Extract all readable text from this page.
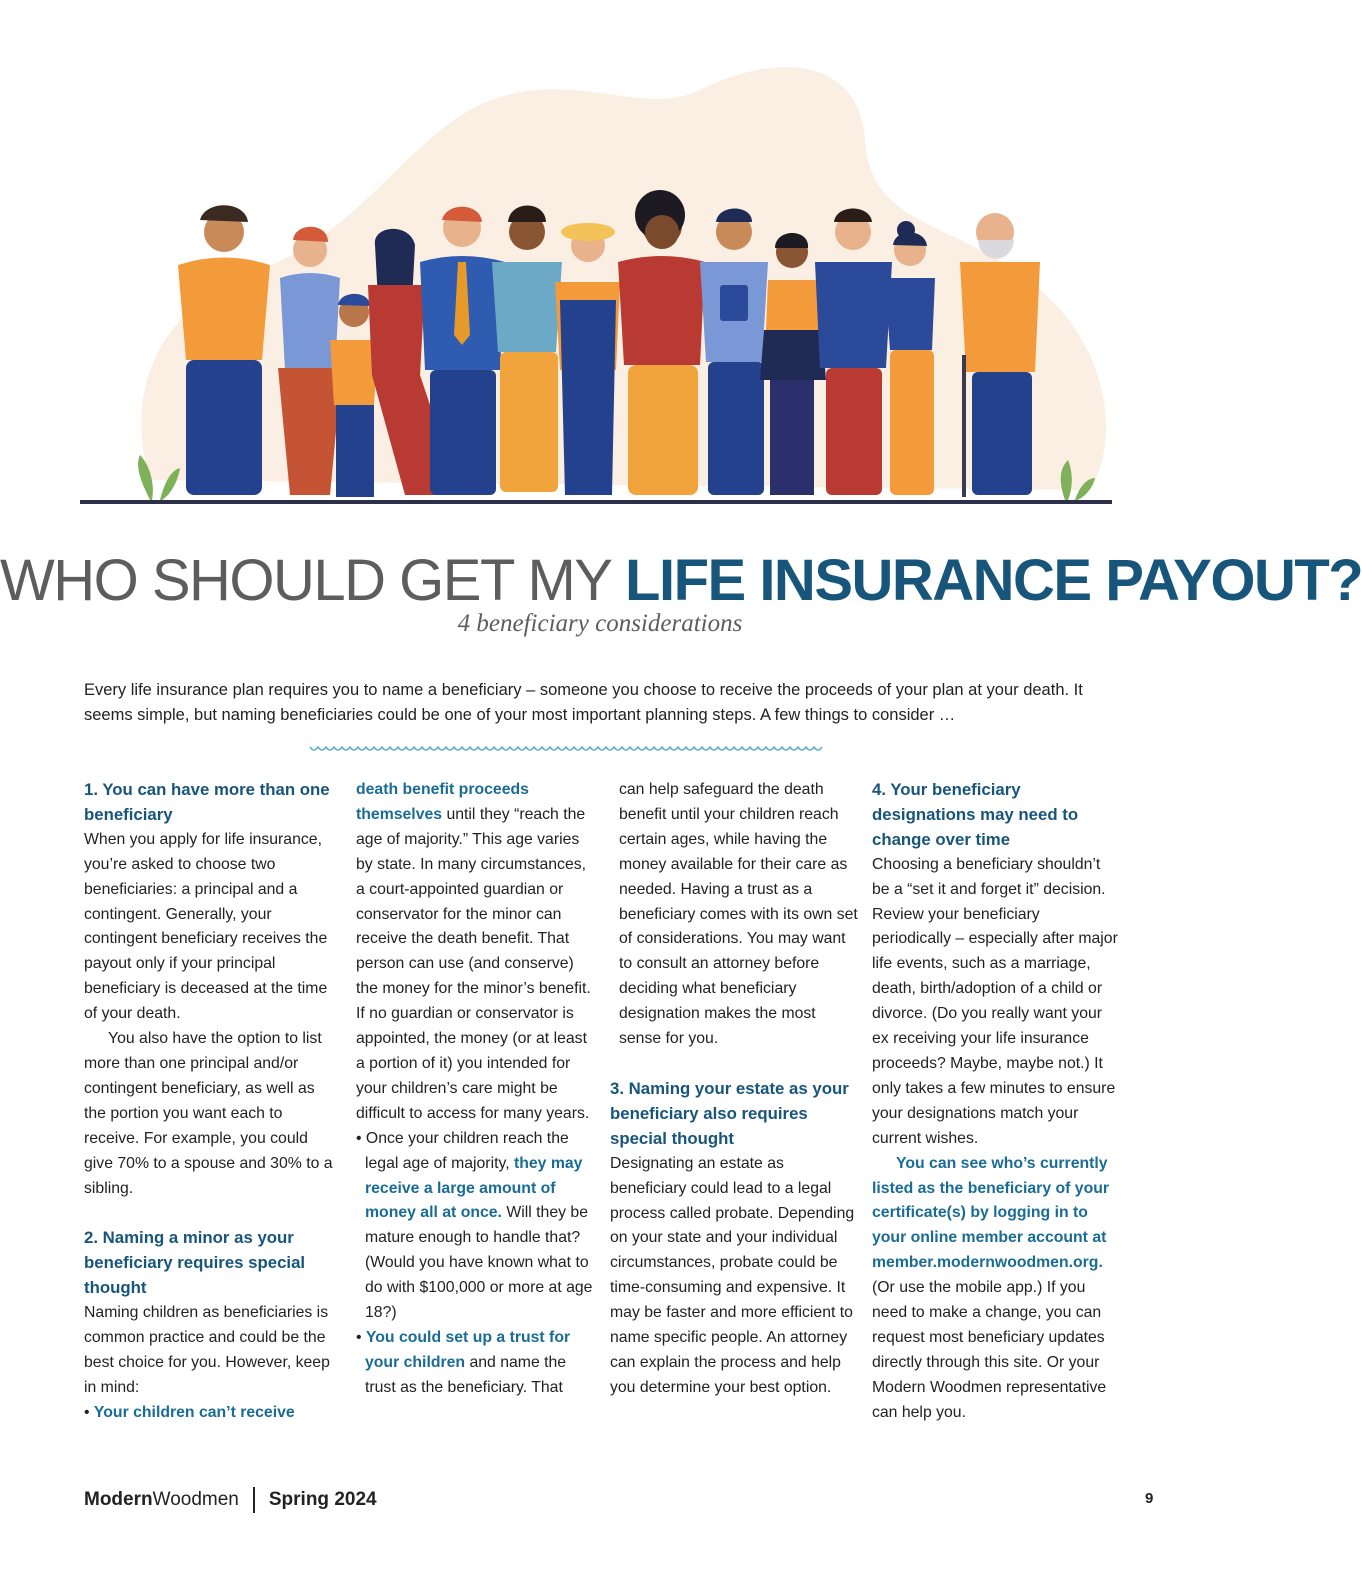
WHO SHOULD GET MY LIFE INSURANCE PAYOUT?
4 beneficiary considerations
Every life insurance plan requires you to name a beneficiary – someone you choose to receive the proceeds of your plan at your death. It seems simple, but naming beneficiaries could be one of your most important planning steps. A few things to consider …

1. You can have more than one beneficiary

When you apply for life insurance, you’re asked to choose two beneficiaries: a principal and a contingent. Generally, your contingent beneficiary receives the payout only if your principal beneficiary is deceased at the time of your death.

You also have the option to list more than one principal and/or contingent beneficiary, as well as the portion you want each to receive. For example, you could give 70% to a spouse and 30% to a sibling.

2. Naming a minor as your beneficiary requires special thought

Naming children as beneficiaries is common practice and could be the best choice for you. However, keep in mind:

• Your children can’t receive

death benefit proceeds themselves until they “reach the age of majority.” This age varies by state. In many circumstances, a court-appointed guardian or conservator for the minor can receive the death benefit. That person can use (and conserve) the money for the minor’s benefit. If no guardian or conservator is appointed, the money (or at least a portion of it) you intended for your children’s care might be difficult to access for many years.

• Once your children reach the legal age of majority, they may receive a large amount of money all at once. Will they be mature enough to handle that? (Would you have known what to do with $100,000 or more at age 18?)

• You could set up a trust for your children and name the trust as the beneficiary. That

can help safeguard the death benefit until your children reach certain ages, while having the money available for their care as needed. Having a trust as a beneficiary comes with its own set of considerations. You may want to consult an attorney before deciding what beneficiary designation makes the most sense for you.

3. Naming your estate as your beneficiary also requires special thought

Designating an estate as beneficiary could lead to a legal process called probate. Depending on your state and your individual circumstances, probate could be time-consuming and expensive. It may be faster and more efficient to name specific people. An attorney can explain the process and help you determine your best option.

4. Your beneficiary designations may need to change over time

Choosing a beneficiary shouldn’t be a “set it and forget it” decision. Review your beneficiary periodically – especially after major life events, such as a marriage, death, birth/adoption of a child or divorce. (Do you really want your ex receiving your life insurance proceeds? Maybe, maybe not.) It only takes a few minutes to ensure your designations match your current wishes.

You can see who’s currently listed as the beneficiary of your certificate(s) by logging in to your online member account at member.modernwoodmen.org. (Or use the mobile app.) If you need to make a change, you can request most beneficiary updates directly through this site. Or your Modern Woodmen representative can help you.

Modern Woodmen Spring 2024	9
